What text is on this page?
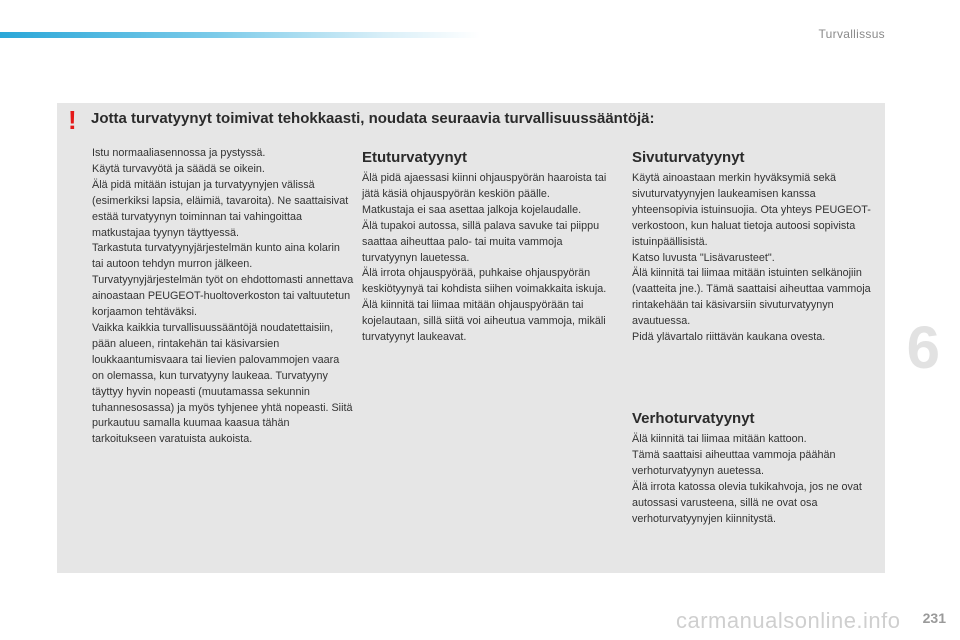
Turvallissus
! Jotta turvatyynyt toimivat tehokkaasti, noudata seuraavia turvallisuussääntöjä:

Istu normaaliasennossa ja pystyssä.
Käytä turvavyötä ja säädä se oikein.
Älä pidä mitään istujan ja turvatyynyjen välissä (esimerkiksi lapsia, eläimiä, tavaroita). Ne saattaisivat estää turvatyynyn toiminnan tai vahingoittaa matkustajaa tyynyn täyttyessä.
Tarkastuta turvatyynyjärjestelmän kunto aina kolarin tai autoon tehdyn murron jälkeen.
Turvatyynyjärjestelmän työt on ehdottomasti annettava ainoastaan PEUGEOT-huoltoverkoston tai valtuutetun korjaamon tehtäväksi.
Vaikka kaikkia turvallisuussääntöjä noudatettaisiin, pään alueen, rintakehän tai käsivarsien loukkaantumisvaara tai lievien palovammojen vaara on olemassa, kun turvatyyny laukeaa. Turvatyyny täyttyy hyvin nopeasti (muutamassa sekunnin tuhannesosassa) ja myös tyhjenee yhtä nopeasti. Siitä purkautuu samalla kuumaa kaasua tähän tarkoitukseen varatuista aukoista.

Etuturvatyynyt

Älä pidä ajaessasi kiinni ohjauspyörän haaroista tai jätä käsiä ohjauspyörän keskiön päälle.
Matkustaja ei saa asettaa jalkoja kojelaudalle.
Älä tupakoi autossa, sillä palava savuke tai piippu saattaa aiheuttaa palo- tai muita vammoja turvatyynyn lauetessa.
Älä irrota ohjauspyörää, puhkaise ohjauspyörän keskiötyynyä tai kohdista siihen voimakkaita iskuja.
Älä kiinnitä tai liimaa mitään ohjauspyörään tai kojelautaan, sillä siitä voi aiheutua vammoja, mikäli turvatyynyt laukeavat.

Sivuturvatyynyt

Käytä ainoastaan merkin hyväksymiä sekä sivuturvatyynyjen laukeamisen kanssa yhteensopivia istuinsuojia. Ota yhteys PEUGEOT-verkostoon, kun haluat tietoja autoosi sopivista istuinpäällisistä.
Katso luvusta "Lisävarusteet".
Älä kiinnitä tai liimaa mitään istuinten selkänojiin (vaatteita jne.). Tämä saattaisi aiheuttaa vammoja rintakehään tai käsivarsiin sivuturvatyynyn avautuessa.
Pidä ylävartalo riittävän kaukana ovesta.

Verhoturvatyynyt

Älä kiinnitä tai liimaa mitään kattoon.
Tämä saattaisi aiheuttaa vammoja päähän verhoturvatyynyn auetessa.
Älä irrota katossa olevia tukikahvoja, jos ne ovat autossasi varusteena, sillä ne ovat osa verhoturvatyynyjen kiinnitystä.

6
carmanualsonline.info 231
